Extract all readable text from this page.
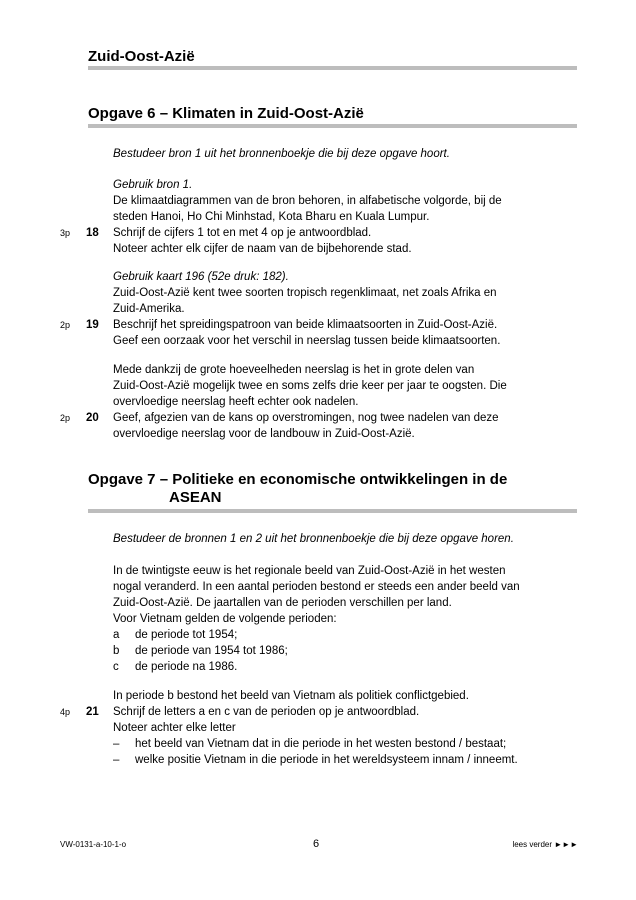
Zuid-Oost-Azië
Opgave 6 – Klimaten in Zuid-Oost-Azië
Bestudeer bron 1 uit het bronnenboekje die bij deze opgave hoort.
Gebruik bron 1.
De klimaatdiagrammen van de bron behoren, in alfabetische volgorde, bij de
steden Hanoi, Ho Chi Minhstad, Kota Bharu en Kuala Lumpur.
3p 18 Schrijf de cijfers 1 tot en met 4 op je antwoordblad.
Noteer achter elk cijfer de naam van de bijbehorende stad.
Gebruik kaart 196 (52e druk: 182).
Zuid-Oost-Azië kent twee soorten tropisch regenklimaat, net zoals Afrika en
Zuid-Amerika.
2p 19 Beschrijf het spreidingspatroon van beide klimaatsoorten in Zuid-Oost-Azië.
Geef een oorzaak voor het verschil in neerslag tussen beide klimaatsoorten.
Mede dankzij de grote hoeveelheden neerslag is het in grote delen van
Zuid-Oost-Azië mogelijk twee en soms zelfs drie keer per jaar te oogsten. Die
overvloedige neerslag heeft echter ook nadelen.
2p 20 Geef, afgezien van de kans op overstromingen, nog twee nadelen van deze
overvloedige neerslag voor de landbouw in Zuid-Oost-Azië.
Opgave 7 – Politieke en economische ontwikkelingen in de
ASEAN
Bestudeer de bronnen 1 en 2 uit het bronnenboekje die bij deze opgave horen.
In de twintigste eeuw is het regionale beeld van Zuid-Oost-Azië in het westen
nogal veranderd. In een aantal perioden bestond er steeds een ander beeld van
Zuid-Oost-Azië. De jaartallen van de perioden verschillen per land.
Voor Vietnam gelden de volgende perioden:
a de periode tot 1954;
b de periode van 1954 tot 1986;
c de periode na 1986.
In periode b bestond het beeld van Vietnam als politiek conflictgebied.
4p 21 Schrijf de letters a en c van de perioden op je antwoordblad.
Noteer achter elke letter
– het beeld van Vietnam dat in die periode in het westen bestond / bestaat;
– welke positie Vietnam in die periode in het wereldsysteem innam / inneemt.
VW-0131-a-10-1-o	6	lees verder ►►►
